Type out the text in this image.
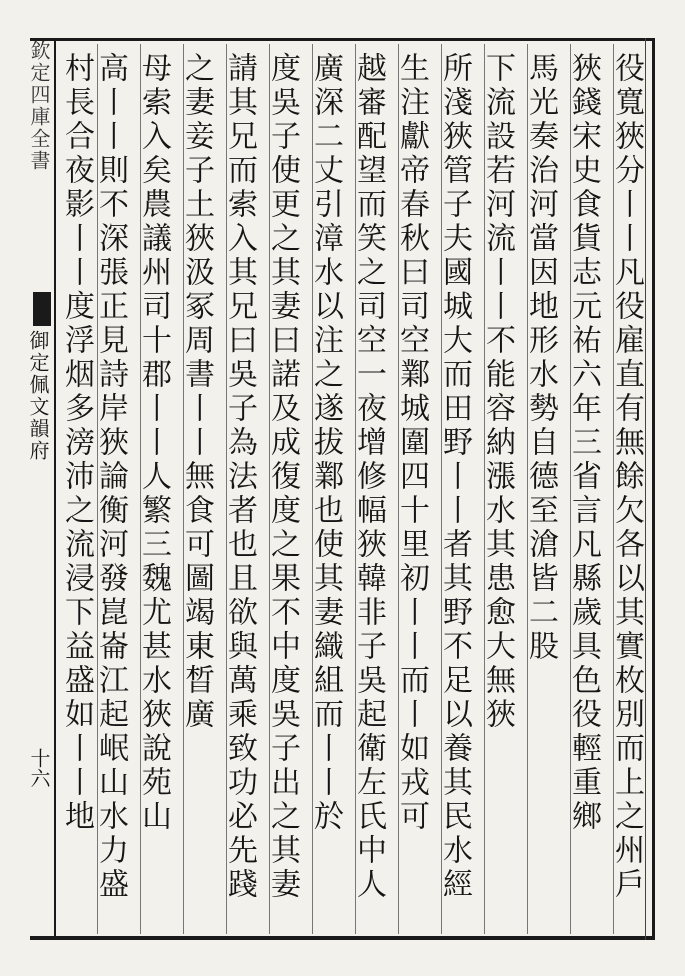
欽定四庫全書
御定佩文韻府
十六	役寬狹分丨丨凡役雇直有無餘欠各以其實枚別而上之州戶
狹錢宋史食貨志元祐六年三省言凡縣歲具色役輕重鄉
馬光奏治河當因地形水勢自德至滄皆二股
下流設若河流丨丨不能容納漲水其患愈大無狹
所淺狹管子夫國城大而田野丨丨者其野不足以養其民水經
生注獻帝春秋曰司空鄴城圍四十里初丨丨而丨如戎可
越審配望而笑之司空一夜增修幅狹韓非子吳起衛左氏中人
廣深二丈引漳水以注之遂拔鄴也使其妻織組而丨丨於
度吳子使更之其妻曰諾及成復度之果不中度吳子出之其妻
請其兄而索入其兄曰吳子為法者也且欲與萬乘致功必先踐
之妻妾子土狹汲冢周書丨丨無食可圖竭東晳廣
母索入矣農議州司十郡丨丨人繁三魏尤甚水狹說苑山
高丨丨則不深張正見詩岸狹論衡河發崑崙江起岷山水力盛
村長合夜影丨丨度浮烟多滂沛之流浸下益盛如丨丨地
